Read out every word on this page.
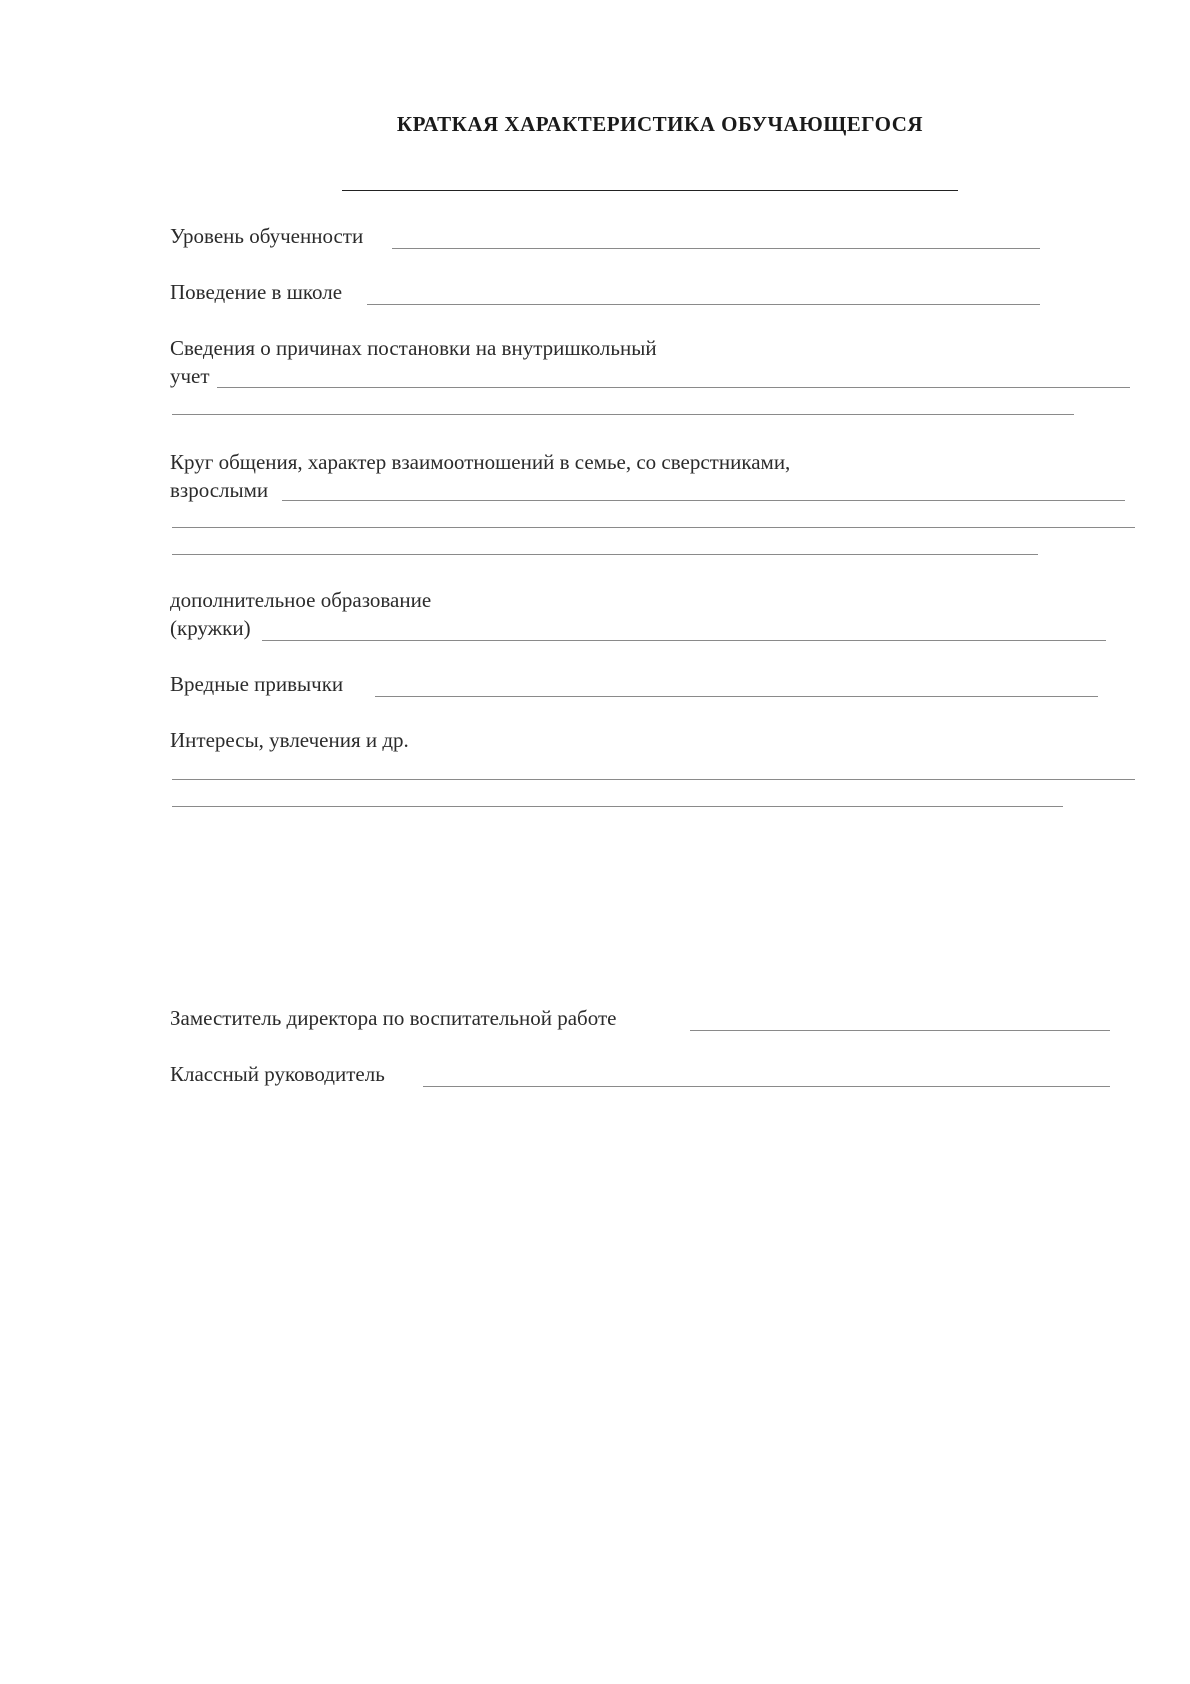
КРАТКАЯ ХАРАКТЕРИСТИКА ОБУЧАЮЩЕГОСЯ
Уровень обученности
Поведение в школе
Сведения о причинах постановки на внутришкольный
учет
Круг общения, характер взаимоотношений в семье, со сверстниками,
взрослыми
дополнительное образование
(кружки)
Вредные привычки
Интересы, увлечения и др.
Заместитель директора по воспитательной работе
Классный руководитель
